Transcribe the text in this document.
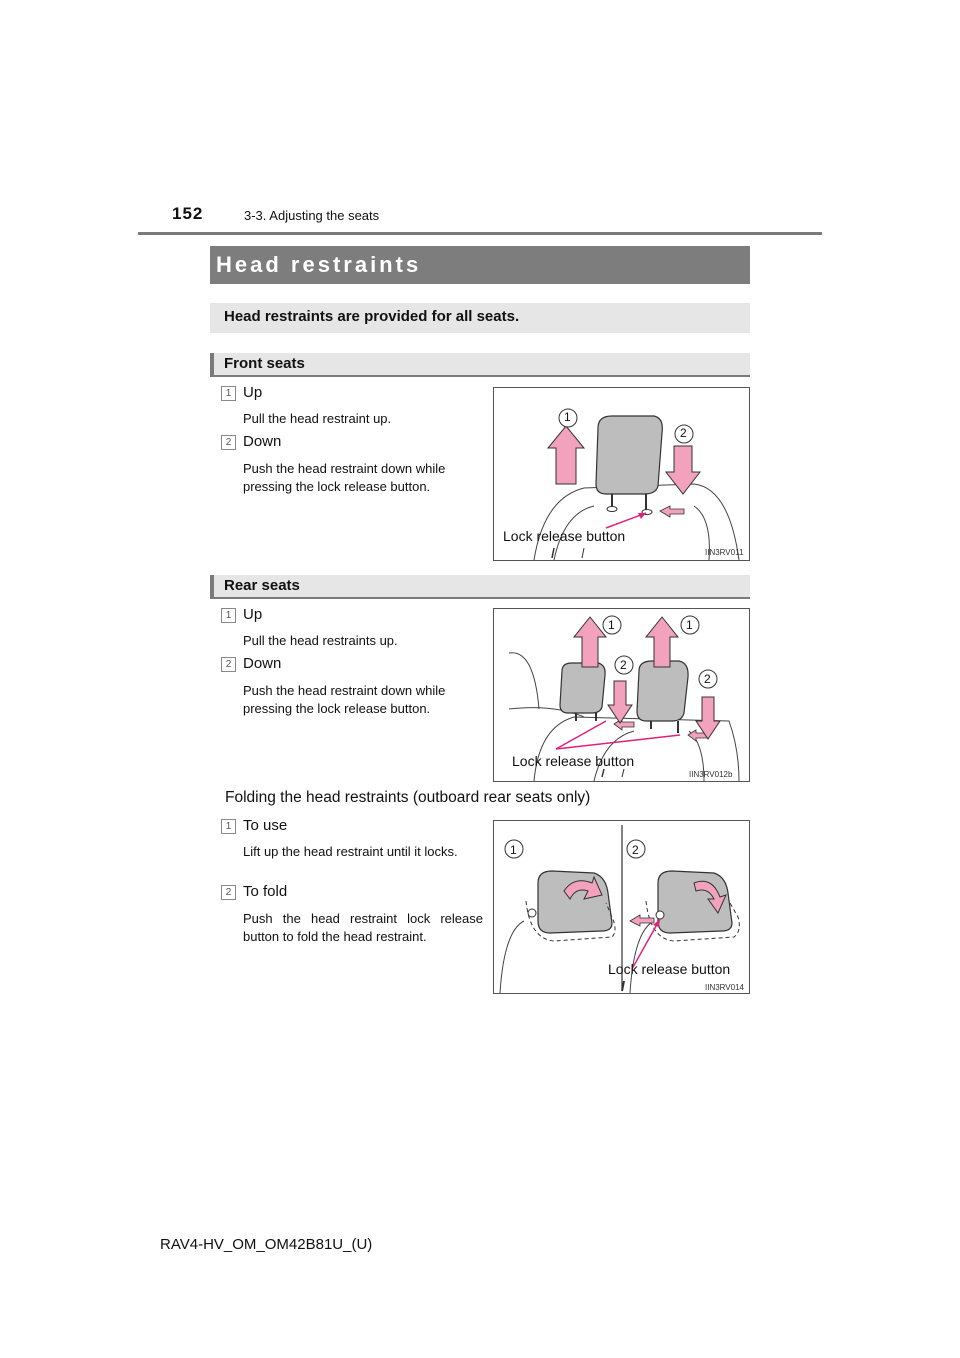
152	3-3. Adjusting the seats
Head restraints
Head restraints are provided for all seats.
Front seats
1 Up
Pull the head restraint up.
2 Down
Push the head restraint down while pressing the lock release button.
1
2
Lock release button
IIN3RV011
Rear seats
1 Up
Pull the head restraints up.
2 Down
Push the head restraint down while pressing the lock release button.
1	1
2
2
Lock release button
IIN3RV012b
Folding the head restraints (outboard rear seats only)
1 To use
Lift up the head restraint until it locks.
2 To fold
Push the head restraint lock release button to fold the head restraint.
1	2
Lock release button
IIN3RV014
RAV4-HV_OM_OM42B81U_(U)
